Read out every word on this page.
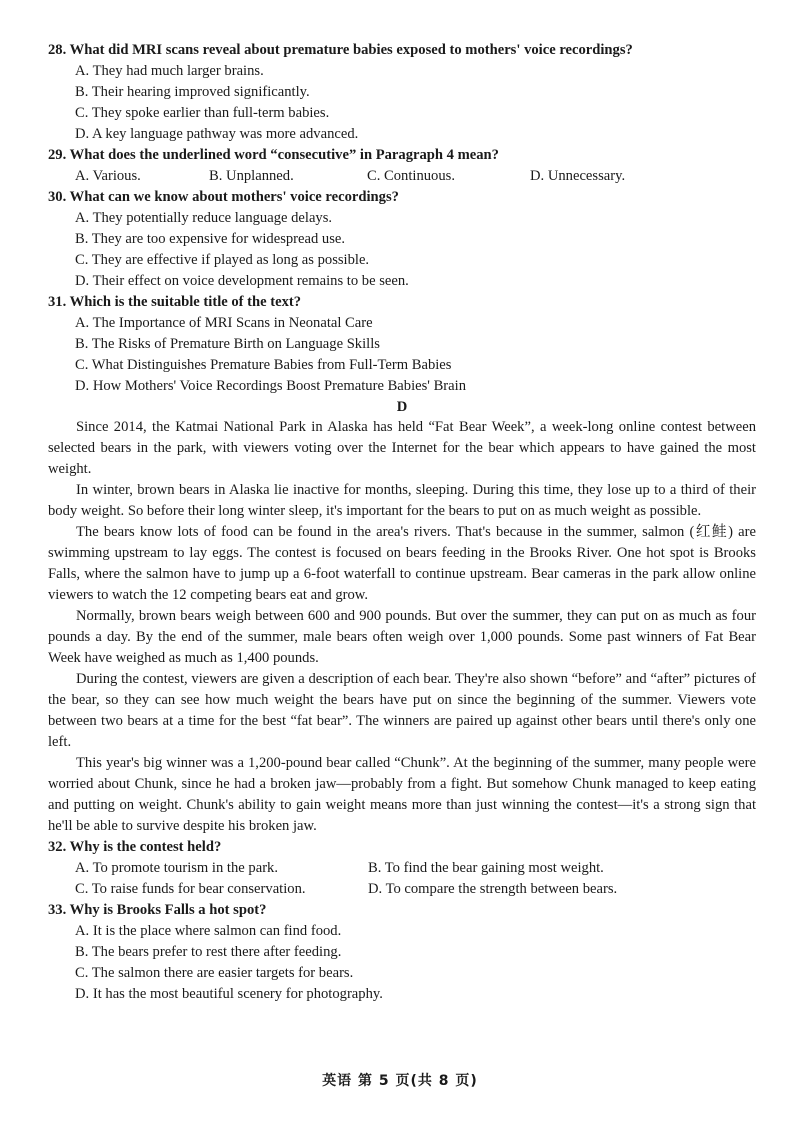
28. What did MRI scans reveal about premature babies exposed to mothers' voice recordings?
A. They had much larger brains.
B. Their hearing improved significantly.
C. They spoke earlier than full-term babies.
D. A key language pathway was more advanced.
29. What does the underlined word “consecutive” in Paragraph 4 mean?
A. Various.	B. Unplanned.	C. Continuous.	D. Unnecessary.
30. What can we know about mothers' voice recordings?
A. They potentially reduce language delays.
B. They are too expensive for widespread use.
C. They are effective if played as long as possible.
D. Their effect on voice development remains to be seen.
31. Which is the suitable title of the text?
A. The Importance of MRI Scans in Neonatal Care
B. The Risks of Premature Birth on Language Skills
C. What Distinguishes Premature Babies from Full-Term Babies
D. How Mothers' Voice Recordings Boost Premature Babies' Brain
D
Since 2014, the Katmai National Park in Alaska has held “Fat Bear Week”, a week-long online contest between selected bears in the park, with viewers voting over the Internet for the bear which appears to have gained the most weight.
In winter, brown bears in Alaska lie inactive for months, sleeping. During this time, they lose up to a third of their body weight. So before their long winter sleep, it's important for the bears to put on as much weight as possible.
The bears know lots of food can be found in the area's rivers. That's because in the summer, salmon (红鲑) are swimming upstream to lay eggs. The contest is focused on bears feeding in the Brooks River. One hot spot is Brooks Falls, where the salmon have to jump up a 6-foot waterfall to continue upstream. Bear cameras in the park allow online viewers to watch the 12 competing bears eat and grow.
Normally, brown bears weigh between 600 and 900 pounds. But over the summer, they can put on as much as four pounds a day. By the end of the summer, male bears often weigh over 1,000 pounds. Some past winners of Fat Bear Week have weighed as much as 1,400 pounds.
During the contest, viewers are given a description of each bear. They're also shown “before” and “after” pictures of the bear, so they can see how much weight the bears have put on since the beginning of the summer. Viewers vote between two bears at a time for the best “fat bear”. The winners are paired up against other bears until there's only one left.
This year's big winner was a 1,200-pound bear called “Chunk”. At the beginning of the summer, many people were worried about Chunk, since he had a broken jaw—probably from a fight. But somehow Chunk managed to keep eating and putting on weight. Chunk's ability to gain weight means more than just winning the contest—it's a strong sign that he'll be able to survive despite his broken jaw.
32. Why is the contest held?
A. To promote tourism in the park.	B. To find the bear gaining most weight.
C. To raise funds for bear conservation.	D. To compare the strength between bears.
33. Why is Brooks Falls a hot spot?
A. It is the place where salmon can find food.
B. The bears prefer to rest there after feeding.
C. The salmon there are easier targets for bears.
D. It has the most beautiful scenery for photography.
英语 第 5 页(共 8 页)
